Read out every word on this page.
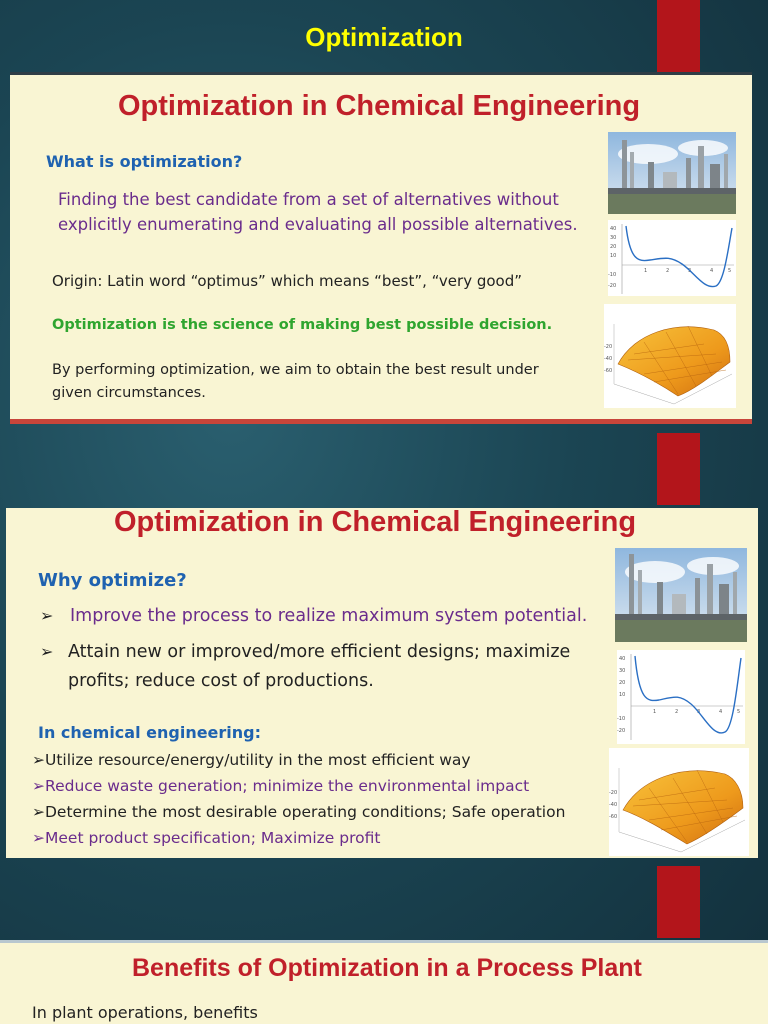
Optimization
Optimization in Chemical Engineering
What is optimization?
Finding the best candidate from a set of alternatives without
explicitly enumerating and evaluating all possible alternatives.
Origin: Latin word “optimus” which means “best”, “very good”
Optimization is the science of making best possible decision.
By performing optimization, we aim to obtain the best result under
given circumstances.
40
30
20
10
-10
-20
1	2	3	4	5
-20
-40
-60
Optimization in Chemical Engineering
Why optimize?
➢ Improve the process to realize maximum system potential.
➢ Attain new or improved/more efficient designs; maximize
profits; reduce cost of productions.
In chemical engineering:
➢Utilize resource/energy/utility in the most efficient way
➢Reduce waste generation; minimize the environmental impact
➢Determine the most desirable operating conditions; Safe operation
➢Meet product specification; Maximize profit
40
30
20
10
-10
-20
1	2	3	4	5
-20
-40
-60
Benefits of Optimization in a Process Plant
In plant operations, benefits
